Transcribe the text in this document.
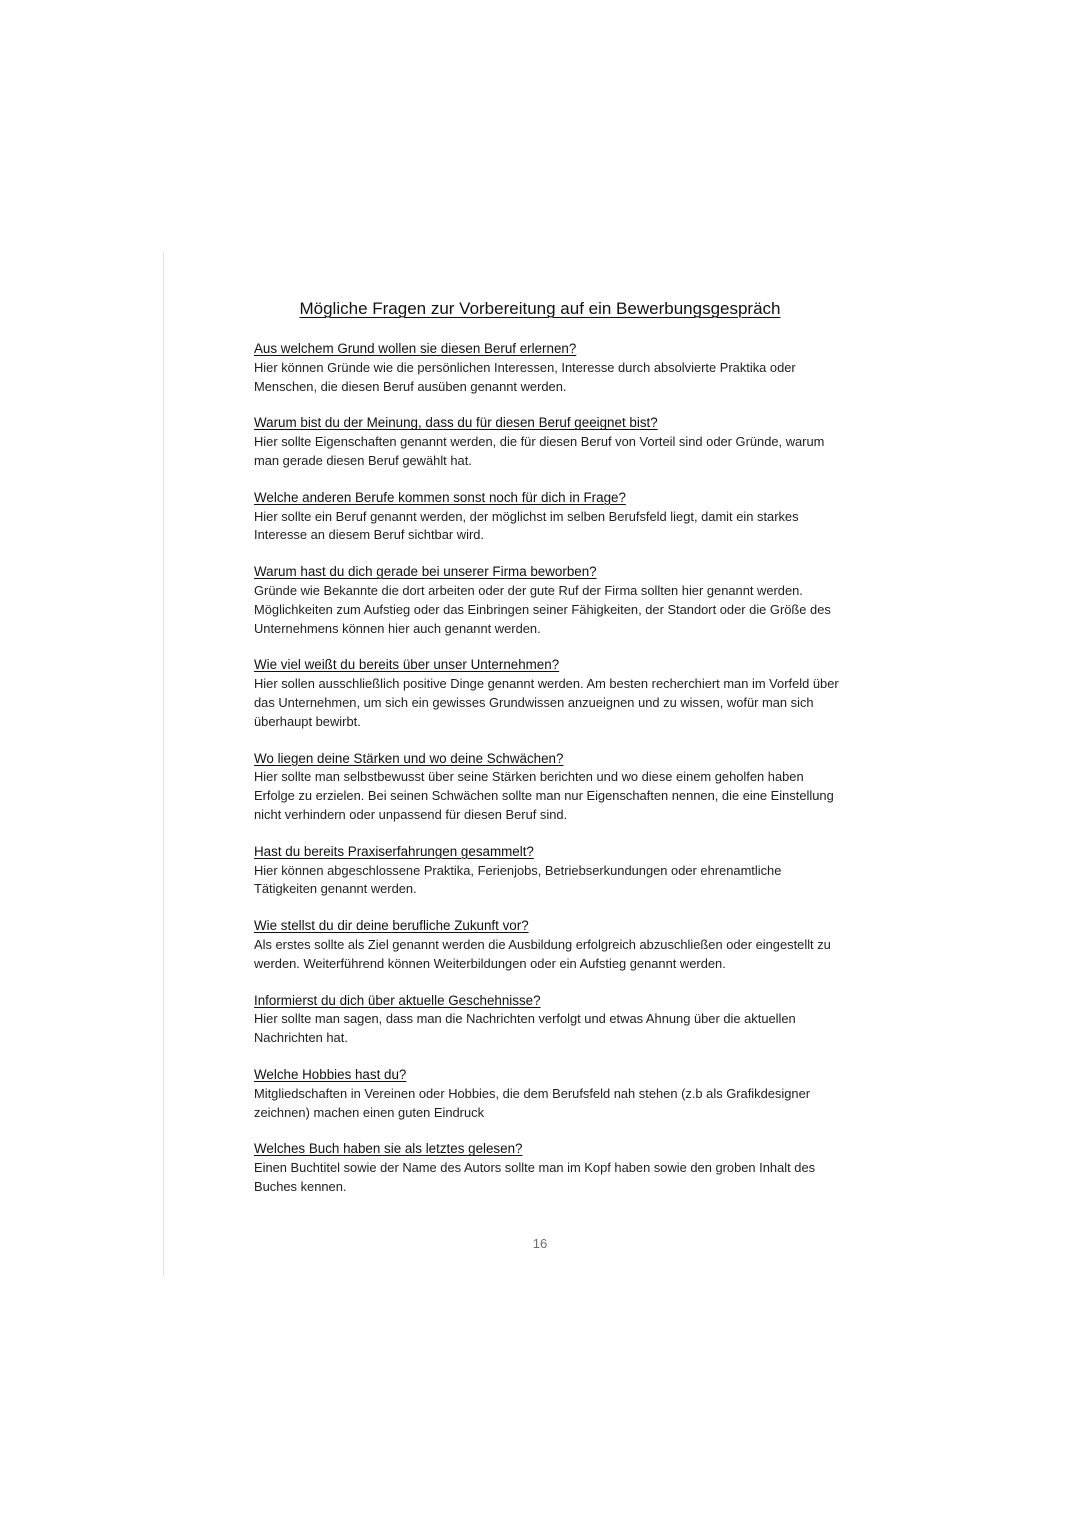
Mögliche Fragen zur Vorbereitung auf ein Bewerbungsgespräch
Aus welchem Grund wollen sie diesen Beruf erlernen?
Hier können Gründe wie die persönlichen Interessen, Interesse durch absolvierte Praktika oder Menschen, die diesen Beruf ausüben genannt werden.
Warum bist du der Meinung, dass du für diesen Beruf geeignet bist?
Hier sollte Eigenschaften genannt werden, die für diesen Beruf von Vorteil sind oder Gründe, warum man gerade diesen Beruf gewählt hat.
Welche anderen Berufe kommen sonst noch für dich in Frage?
Hier sollte ein Beruf genannt werden, der möglichst im selben Berufsfeld liegt, damit ein starkes Interesse an diesem Beruf sichtbar wird.
Warum hast du dich gerade bei unserer Firma beworben?
Gründe wie Bekannte die dort arbeiten oder der gute Ruf der Firma sollten hier genannt werden. Möglichkeiten zum Aufstieg oder das Einbringen seiner Fähigkeiten, der Standort oder die Größe des Unternehmens können hier auch genannt werden.
Wie viel weißt du bereits über unser Unternehmen?
Hier sollen ausschließlich positive Dinge genannt werden. Am besten recherchiert man im Vorfeld über das Unternehmen, um sich ein gewisses Grundwissen anzueignen und zu wissen, wofür man sich überhaupt bewirbt.
Wo liegen deine Stärken und wo deine Schwächen?
Hier sollte man selbstbewusst über seine Stärken berichten und wo diese einem geholfen haben Erfolge zu erzielen. Bei seinen Schwächen sollte man nur Eigenschaften nennen, die eine Einstellung nicht verhindern oder unpassend für diesen Beruf sind.
Hast du bereits Praxiserfahrungen gesammelt?
Hier können abgeschlossene Praktika, Ferienjobs, Betriebserkundungen oder ehrenamtliche Tätigkeiten genannt werden.
Wie stellst du dir deine berufliche Zukunft vor?
Als erstes sollte als Ziel genannt werden die Ausbildung erfolgreich abzuschließen oder eingestellt zu werden. Weiterführend können Weiterbildungen oder ein Aufstieg genannt werden.
Informierst du dich über aktuelle Geschehnisse?
Hier sollte man sagen, dass man die Nachrichten verfolgt und etwas Ahnung über die aktuellen Nachrichten hat.
Welche Hobbies hast du?
Mitgliedschaften in Vereinen oder Hobbies, die dem Berufsfeld nah stehen (z.b als Grafikdesigner zeichnen) machen einen guten Eindruck
Welches Buch haben sie als letztes gelesen?
Einen Buchtitel sowie der Name des Autors sollte man im Kopf haben sowie den groben Inhalt des Buches kennen.
16
